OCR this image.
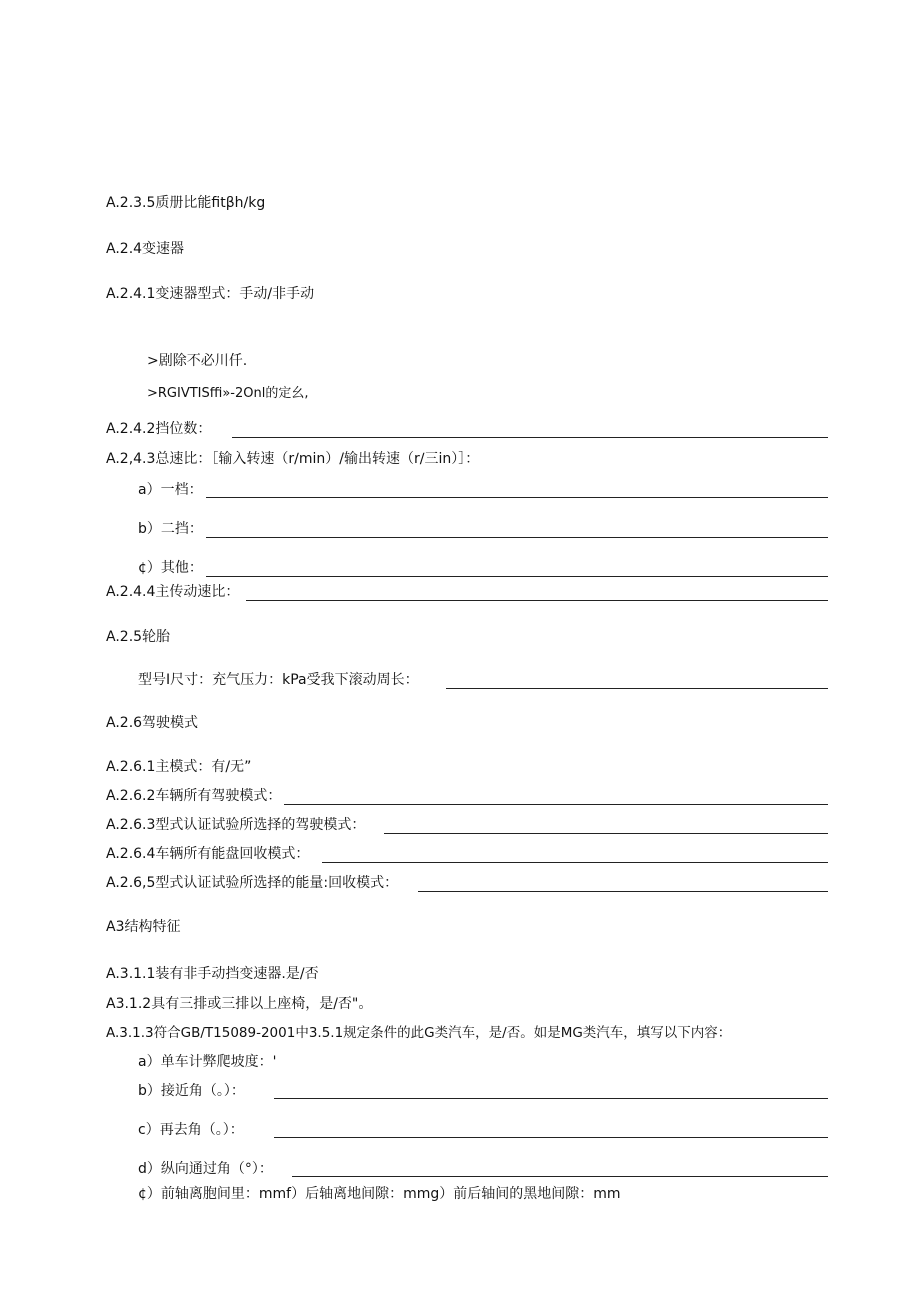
A.2.3.5质册比能fitβh∕kg
A.2.4变速器
A.2.4.1变速器型式：手动/非手动
>剧除不必川仟.
>RGIVTISffi»-2Onl的定幺,
A.2.4.2挡位数：
A.2,4.3总速比：［输入转速（r∕min）/输出转速（r∕三in）］：
a）一档：
b）二挡：
¢）其他：
A.2.4.4主传动速比：
A.2.5轮胎
型号I尺寸：充气压力：kPa受我下滚动周长：
A.2.6驾驶模式
A.2.6.1主模式：有/无”
A.2.6.2车辆所有驾驶模式：
A.2.6.3型式认证试验所选择的驾驶模式：
A.2.6.4车辆所有能盘回收模式：
A.2.6,5型式认证试验所选择的能量:回收模式：
A3结构特征
A.3.1.1装有非手动挡变速器.是/否
A3.1.2具有三排或三排以上座椅，是/否"。
A.3.1.3符合GB/T15089-2001中3.5.1规定条件的此G类汽车，是/否。如是MG类汽车，填写以下内容：
a）单车计弊爬坡度：'
b）接近角（。）：
c）再去角（。）：
d）纵向通过角（°）：
¢）前轴离胞间里：mmf）后轴离地间隙：mmg）前后轴间的黑地间隙：mm
